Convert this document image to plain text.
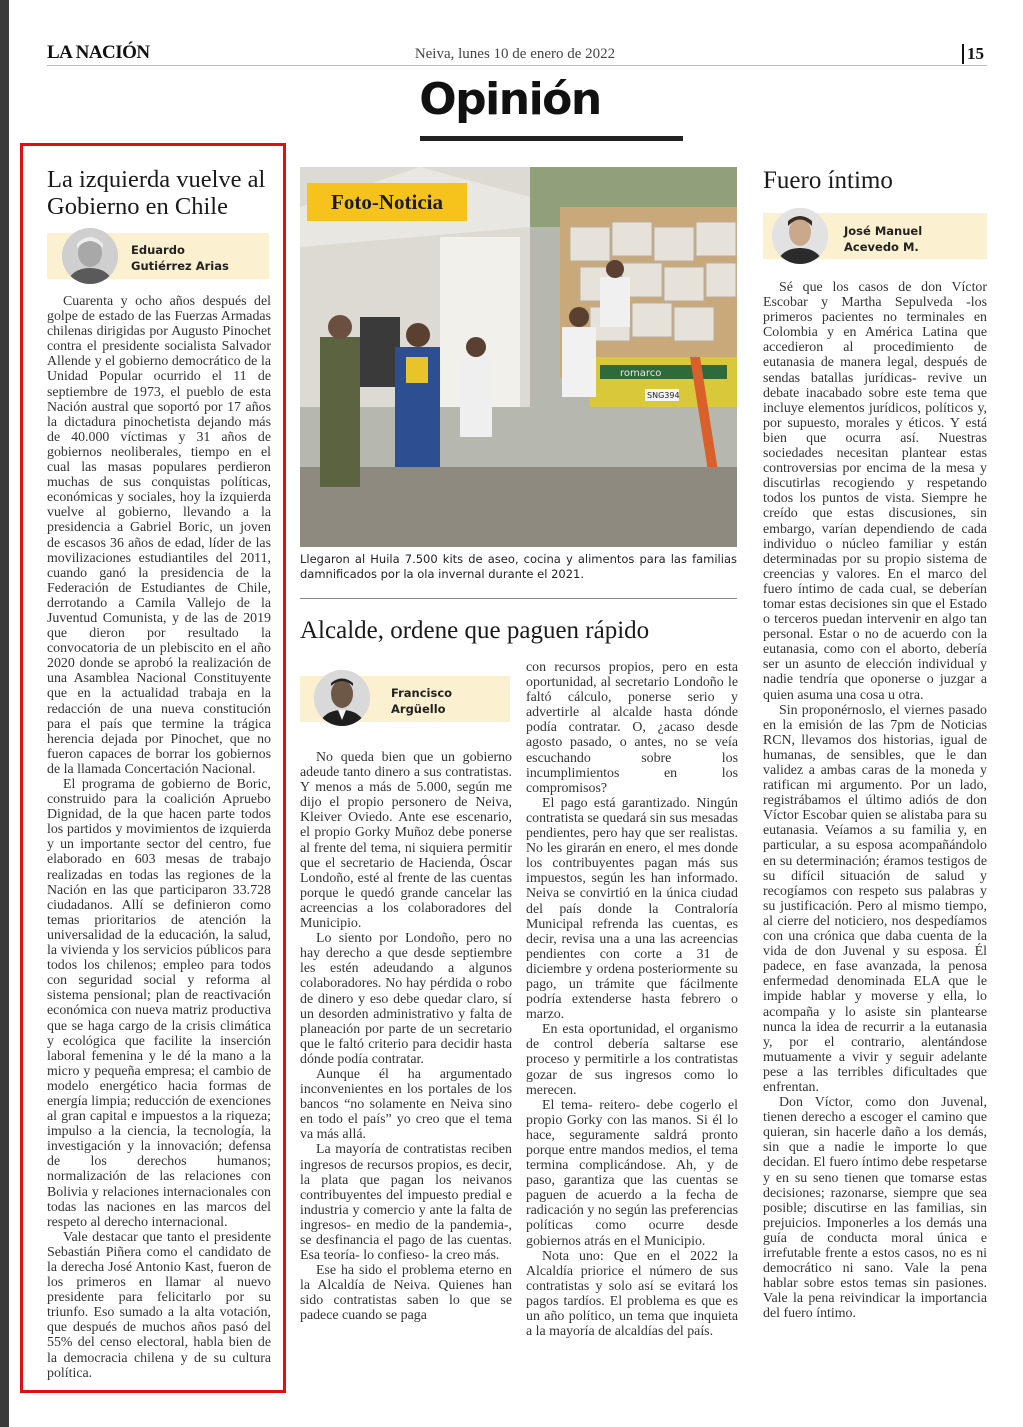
LA NACIÓN	Neiva, lunes 10 de enero de 2022	15
Opinión
La izquierda vuelve al Gobierno en Chile
Eduardo
Gutiérrez Arias

Cuarenta y ocho años después del golpe de estado de las Fuerzas Armadas chilenas dirigidas por Augusto Pinochet contra el presidente socialista Salvador Allende y el gobierno democrático de la Unidad Popular ocurrido el 11 de septiembre de 1973, el pueblo de esta Nación austral que soportó por 17 años la dictadura pinochetista dejando más de 40.000 víctimas y 31 años de gobiernos neoliberales, tiempo en el cual las masas populares perdieron muchas de sus conquistas políticas, económicas y sociales, hoy la izquierda vuelve al gobierno, llevando a la presidencia a Gabriel Boric, un joven de escasos 36 años de edad, líder de las movilizaciones estudiantiles del 2011, cuando ganó la presidencia de la Federación de Estudiantes de Chile, derrotando a Camila Vallejo de la Juventud Comunista, y de las de 2019 que dieron por resultado la convocatoria de un plebiscito en el año 2020 donde se aprobó la realización de una Asamblea Nacional Constituyente que en la actualidad trabaja en la redacción de una nueva constitución para el país que termine la trágica herencia dejada por Pinochet, que no fueron capaces de borrar los gobiernos de la llamada Concertación Nacional.

El programa de gobierno de Boric, construido para la coalición Apruebo Dignidad, de la que hacen parte todos los partidos y movimientos de izquierda y un importante sector del centro, fue elaborado en 603 mesas de trabajo realizadas en todas las regiones de la Nación en las que participaron 33.728 ciudadanos. Allí se definieron como temas prioritarios de atención la universalidad de la educación, la salud, la vivienda y los servicios públicos para todos los chilenos; empleo para todos con seguridad social y reforma al sistema pensional; plan de reactivación económica con nueva matriz productiva que se haga cargo de la crisis climática y ecológica que facilite la inserción laboral femenina y le dé la mano a la micro y pequeña empresa; el cambio de modelo energético hacia formas de energía limpia; reducción de exenciones al gran capital e impuestos a la riqueza; impulso a la ciencia, la tecnología, la investigación y la innovación; defensa de los derechos humanos; normalización de las relaciones con Bolivia y relaciones internacionales con todas las naciones en las marcos del respeto al derecho internacional.

Vale destacar que tanto el presidente Sebastián Piñera como el candidato de la derecha José Antonio Kast, fueron de los primeros en llamar al nuevo presidente para felicitarlo por su triunfo. Eso sumado a la alta votación, que después de muchos años pasó del 55% del censo electoral, habla bien de la democracia chilena y de su cultura política.

romarco
SNG394
Foto-Noticia
Llegaron al Huila 7.500 kits de aseo, cocina y alimentos para las familias damnificados por la ola invernal durante el 2021.
Alcalde, ordene que paguen rápido
Francisco
Argüello

No queda bien que un gobierno adeude tanto dinero a sus contratistas. Y menos a más de 5.000, según me dijo el propio personero de Neiva, Kleiver Oviedo. Ante ese escenario, el propio Gorky Muñoz debe ponerse al frente del tema, ni siquiera permitir que el secretario de Hacienda, Óscar Londoño, esté al frente de las cuentas porque le quedó grande cancelar las acreencias a los colaboradores del Municipio.

Lo siento por Londoño, pero no hay derecho a que desde septiembre les estén adeudando a algunos colaboradores. No hay pérdida o robo de dinero y eso debe quedar claro, sí un desorden administrativo y falta de planeación por parte de un secretario que le faltó criterio para decidir hasta dónde podía contratar.

Aunque él ha argumentado inconvenientes en los portales de los bancos “no solamente en Neiva sino en todo el país” yo creo que el tema va más allá.

La mayoría de contratistas reciben ingresos de recursos propios, es decir, la plata que pagan los neivanos contribuyentes del impuesto predial e industria y comercio y ante la falta de ingresos- en medio de la pandemia-, se desfinancia el pago de las cuentas. Esa teoría- lo confieso- la creo más.

Ese ha sido el problema eterno en la Alcaldía de Neiva. Quienes han sido contratistas saben lo que se padece cuando se paga

con recursos propios, pero en esta oportunidad, al secretario Londoño le faltó cálculo, ponerse serio y advertirle al alcalde hasta dónde podía contratar. O, ¿acaso desde agosto pasado, o antes, no se veía escuchando sobre los incumplimientos en los compromisos?

El pago está garantizado. Ningún contratista se quedará sin sus mesadas pendientes, pero hay que ser realistas. No les girarán en enero, el mes donde los contribuyentes pagan más sus impuestos, según les han informado. Neiva se convirtió en la única ciudad del país donde la Contraloría Municipal refrenda las cuentas, es decir, revisa una a una las acreencias pendientes con corte a 31 de diciembre y ordena posteriormente su pago, un trámite que fácilmente podría extenderse hasta febrero o marzo.

En esta oportunidad, el organismo de control debería saltarse ese proceso y permitirle a los contratistas gozar de sus ingresos como lo merecen.

El tema- reitero- debe cogerlo el propio Gorky con las manos. Si él lo hace, seguramente saldrá pronto porque entre mandos medios, el tema termina complicándose. Ah, y de paso, garantiza que las cuentas se paguen de acuerdo a la fecha de radicación y no según las preferencias políticas como ocurre desde gobiernos atrás en el Municipio.

Nota uno: Que en el 2022 la Alcaldía priorice el número de sus contratistas y solo así se evitará los pagos tardíos. El problema es que es un año político, un tema que inquieta a la mayoría de alcaldías del país.

Fuero íntimo
José Manuel
Acevedo M.

Sé que los casos de don Víctor Escobar y Martha Sepulveda -los primeros pacientes no terminales en Colombia y en América Latina que accedieron al procedimiento de eutanasia de manera legal, después de sendas batallas jurídicas- revive un debate inacabado sobre este tema que incluye elementos jurídicos, políticos y, por supuesto, morales y éticos. Y está bien que ocurra así. Nuestras sociedades necesitan plantear estas controversias por encima de la mesa y discutirlas recogiendo y respetando todos los puntos de vista. Siempre he creído que estas discusiones, sin embargo, varían dependiendo de cada individuo o núcleo familiar y están determinadas por su propio sistema de creencias y valores. En el marco del fuero íntimo de cada cual, se deberían tomar estas decisiones sin que el Estado o terceros puedan intervenir en algo tan personal. Estar o no de acuerdo con la eutanasia, como con el aborto, debería ser un asunto de elección individual y nadie tendría que oponerse o juzgar a quien asuma una cosa u otra.

Sin proponérnoslo, el viernes pasado en la emisión de las 7pm de Noticias RCN, llevamos dos historias, igual de humanas, de sensibles, que le dan validez a ambas caras de la moneda y ratifican mi argumento. Por un lado, registrábamos el último adiós de don Víctor Escobar quien se alistaba para su eutanasia. Veíamos a su familia y, en particular, a su esposa acompañándolo en su determinación; éramos testigos de su difícil situación de salud y recogíamos con respeto sus palabras y su justificación. Pero al mismo tiempo, al cierre del noticiero, nos despedíamos con una crónica que daba cuenta de la vida de don Juvenal y su esposa. Él padece, en fase avanzada, la penosa enfermedad denominada ELA que le impide hablar y moverse y ella, lo acompaña y lo asiste sin plantearse nunca la idea de recurrir a la eutanasia y, por el contrario, alentándose mutuamente a vivir y seguir adelante pese a las terribles dificultades que enfrentan.

Don Víctor, como don Juvenal, tienen derecho a escoger el camino que quieran, sin hacerle daño a los demás, sin que a nadie le importe lo que decidan. El fuero íntimo debe respetarse y en su seno tienen que tomarse estas decisiones; razonarse, siempre que sea posible; discutirse en las familias, sin prejuicios. Imponerles a los demás una guía de conducta moral única e irrefutable frente a estos casos, no es ni democrático ni sano. Vale la pena hablar sobre estos temas sin pasiones. Vale la pena reivindicar la importancia del fuero íntimo.
